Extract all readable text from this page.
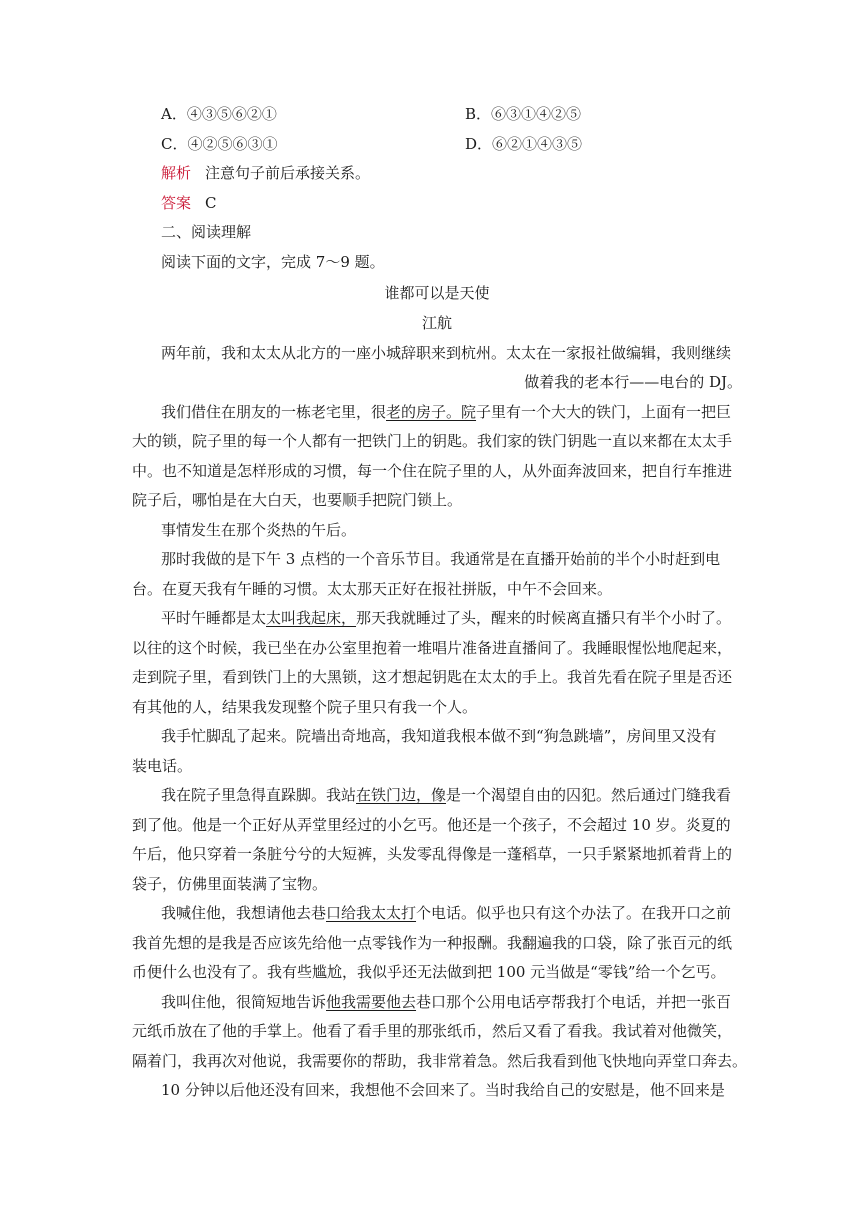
A．④③⑤⑥②①	B．⑥③①④②⑤
C．④②⑤⑥③①	D．⑥②①④③⑤
解析 注意句子前后承接关系。
答案 C
二、阅读理解
阅读下面的文字，完成 7～9 题。
谁都可以是天使
江航
两年前，我和太太从北方的一座小城辞职来到杭州。太太在一家报社做编辑，我则继续
做着我的老本行——电台的 DJ。
我们借住在朋友的一栋老宅里，很老的房子。院子里有一个大大的铁门，上面有一把巨
大的锁，院子里的每一个人都有一把铁门上的钥匙。我们家的铁门钥匙一直以来都在太太手
中。也不知道是怎样形成的习惯，每一个住在院子里的人，从外面奔波回来，把自行车推进
院子后，哪怕是在大白天，也要顺手把院门锁上。
事情发生在那个炎热的午后。
那时我做的是下午 3 点档的一个音乐节目。我通常是在直播开始前的半个小时赶到电
台。在夏天我有午睡的习惯。太太那天正好在报社拼版，中午不会回来。
平时午睡都是太太叫我起床，那天我就睡过了头，醒来的时候离直播只有半个小时了。
以往的这个时候，我已坐在办公室里抱着一堆唱片准备进直播间了。我睡眼惺忪地爬起来，
走到院子里，看到铁门上的大黑锁，这才想起钥匙在太太的手上。我首先看在院子里是否还
有其他的人，结果我发现整个院子里只有我一个人。
我手忙脚乱了起来。院墙出奇地高，我知道我根本做不到“狗急跳墙”，房间里又没有
装电话。
我在院子里急得直跺脚。我站在铁门边，像是一个渴望自由的囚犯。然后通过门缝我看
到了他。他是一个正好从弄堂里经过的小乞丐。他还是一个孩子，不会超过 10 岁。炎夏的
午后，他只穿着一条脏兮兮的大短裤，头发零乱得像是一蓬稻草，一只手紧紧地抓着背上的
袋子，仿佛里面装满了宝物。
我喊住他，我想请他去巷口给我太太打个电话。似乎也只有这个办法了。在我开口之前
我首先想的是我是否应该先给他一点零钱作为一种报酬。我翻遍我的口袋，除了张百元的纸
币便什么也没有了。我有些尴尬，我似乎还无法做到把 100 元当做是“零钱”给一个乞丐。
我叫住他，很简短地告诉他我需要他去巷口那个公用电话亭帮我打个电话，并把一张百
元纸币放在了他的手掌上。他看了看手里的那张纸币，然后又看了看我。我试着对他微笑，
隔着门，我再次对他说，我需要你的帮助，我非常着急。然后我看到他飞快地向弄堂口奔去。
10 分钟以后他还没有回来，我想他不会回来了。当时我给自己的安慰是，他不回来是
